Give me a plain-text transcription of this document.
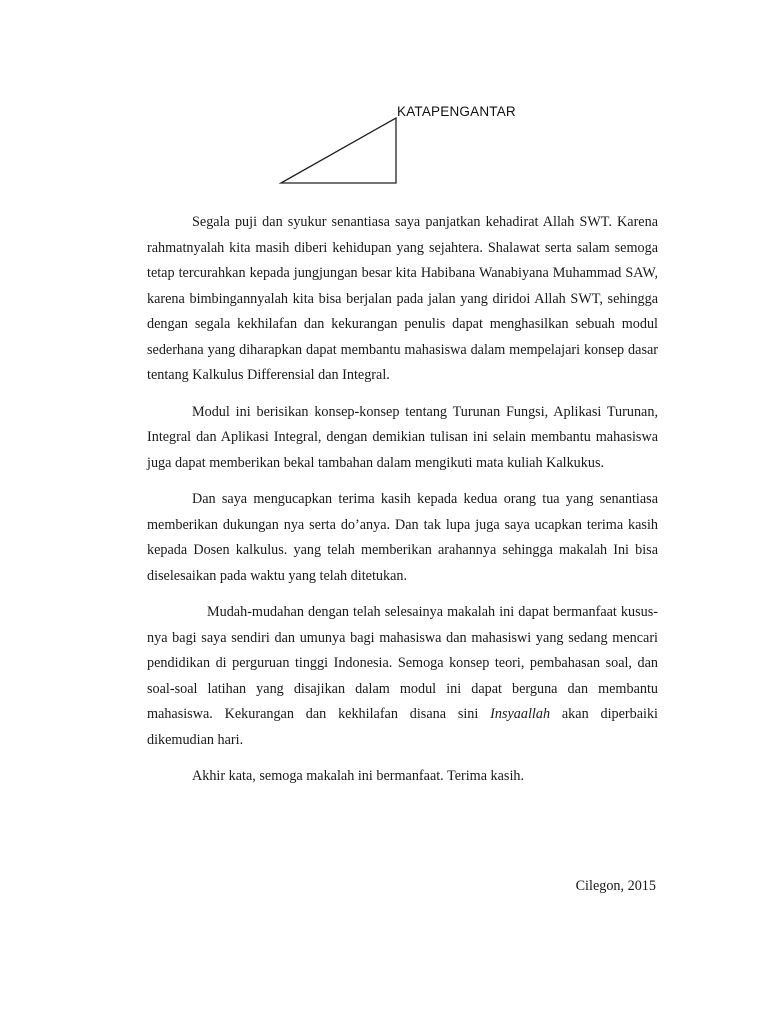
KATAPENGANTAR

Segala puji dan syukur senantiasa saya panjatkan kehadirat Allah SWT. Karena rahmatnyalah kita masih diberi kehidupan yang sejahtera. Shalawat serta salam semoga tetap tercurahkan kepada jungjungan besar kita Habibana Wanabiyana Muhammad SAW, karena bimbingannyalah kita bisa berjalan pada jalan yang diridoi Allah SWT, sehingga dengan segala kekhilafan dan kekurangan penulis dapat menghasilkan sebuah modul sederhana yang diharapkan dapat membantu mahasiswa dalam mempelajari konsep dasar tentang Kalkulus Differensial dan Integral.

Modul ini berisikan konsep-konsep tentang Turunan Fungsi, Aplikasi Turunan, Integral dan Aplikasi Integral, dengan demikian tulisan ini selain membantu mahasiswa juga dapat memberikan bekal tambahan dalam mengikuti mata kuliah Kalkukus.

Dan saya mengucapkan terima kasih kepada kedua orang tua yang senantiasa memberikan dukungan nya serta do’anya. Dan tak lupa juga saya ucapkan terima kasih kepada Dosen kalkulus. yang telah memberikan arahannya sehingga makalah Ini bisa diselesaikan pada waktu yang telah ditetukan.

Mudah-mudahan dengan telah selesainya makalah ini dapat bermanfaat kususnya bagi saya sendiri dan umunya bagi mahasiswa dan mahasiswi yang sedang mencari pendidikan di perguruan tinggi Indonesia. Semoga konsep teori, pembahasan soal, dan soal-soal latihan yang disajikan dalam modul ini dapat berguna dan membantu mahasiswa. Kekurangan dan kekhilafan disana sini Insyaallah akan diperbaiki dikemudian hari.

Akhir kata, semoga makalah ini bermanfaat. Terima kasih.

Cilegon, 2015
